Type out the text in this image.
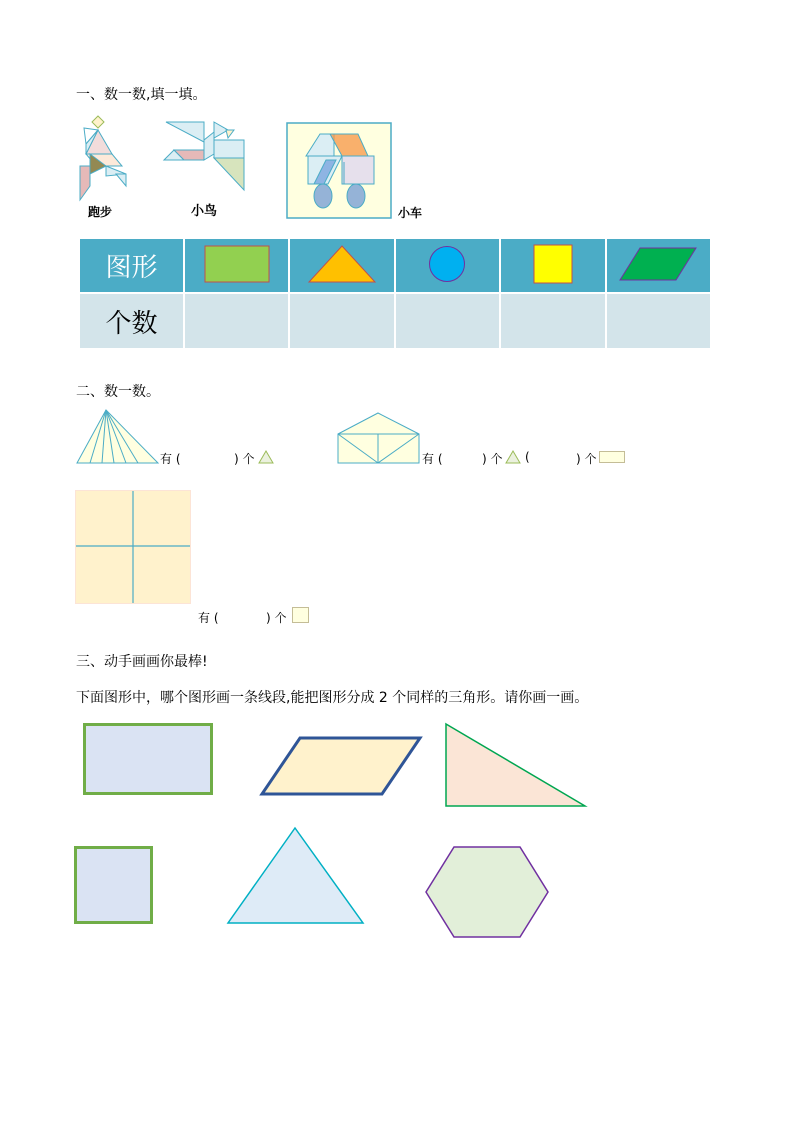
一、数一数,填一填。
跑步	小鸟	小车
图形					
个数					
二、数一数。
有 (	) 个	有 (	) 个 (	) 个
有 (	) 个
三、动手画画你最棒!
下面图形中，哪个图形画一条线段,能把图形分成 2 个同样的三角形。请你画一画。
